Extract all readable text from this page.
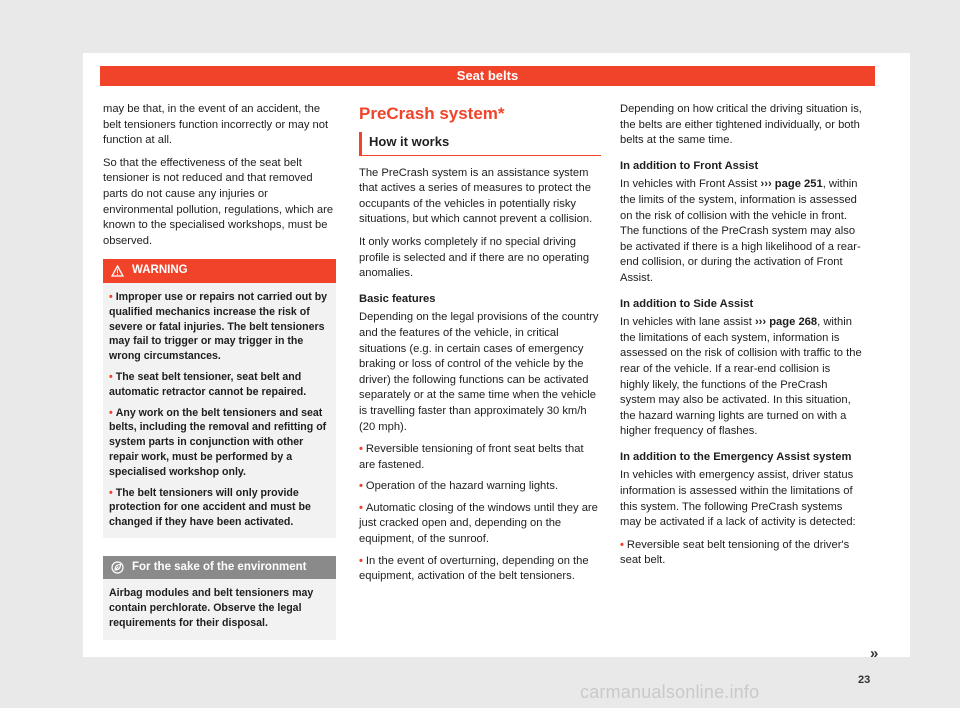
Seat belts

may be that, in the event of an accident, the belt tensioners function incorrectly or may not function at all.

So that the effectiveness of the seat belt tensioner is not reduced and that removed parts do not cause any injuries or environmental pollution, regulations, which are known to the specialised workshops, must be observed.

WARNING
• Improper use or repairs not carried out by qualified mechanics increase the risk of severe or fatal injuries. The belt tensioners may fail to trigger or may trigger in the wrong circumstances.
• The seat belt tensioner, seat belt and automatic retractor cannot be repaired.
• Any work on the belt tensioners and seat belts, including the removal and refitting of system parts in conjunction with other repair work, must be performed by a specialised workshop only.
• The belt tensioners will only provide protection for one accident and must be changed if they have been activated.
For the sake of the environment
Airbag modules and belt tensioners may contain perchlorate. Observe the legal requirements for their disposal.
PreCrash system*
How it works

The PreCrash system is an assistance system that actives a series of measures to protect the occupants of the vehicles in potentially risky situations, but which cannot prevent a collision.

It only works completely if no special driving profile is selected and if there are no operating anomalies.

Basic features

Depending on the legal provisions of the country and the features of the vehicle, in critical situations (e.g. in certain cases of emergency braking or loss of control of the vehicle by the driver) the following functions can be activated separately or at the same time when the vehicle is travelling faster than approximately 30 km/h (20 mph).

• Reversible tensioning of front seat belts that are fastened.
• Operation of the hazard warning lights.
• Automatic closing of the windows until they are just cracked open and, depending on the equipment, of the sunroof.
• In the event of overturning, depending on the equipment, activation of the belt tensioners.

Depending on how critical the driving situation is, the belts are either tightened individually, or both belts at the same time.

In addition to Front Assist

In vehicles with Front Assist ››› page 251, within the limits of the system, information is assessed on the risk of collision with the vehicle in front. The functions of the PreCrash system may also be activated if there is a high likelihood of a rear-end collision, or during the activation of Front Assist.

In addition to Side Assist

In vehicles with lane assist ››› page 268, within the limitations of each system, information is assessed on the risk of collision with traffic to the rear of the vehicle. If a rear-end collision is highly likely, the functions of the PreCrash system may also be activated. In this situation, the hazard warning lights are turned on with a higher frequency of flashes.

In addition to the Emergency Assist system

In vehicles with emergency assist, driver status information is assessed within the limitations of this system. The following PreCrash systems may be activated if a lack of activity is detected:

• Reversible seat belt tensioning of the driver's seat belt.
»
23
carmanualsonline.info
